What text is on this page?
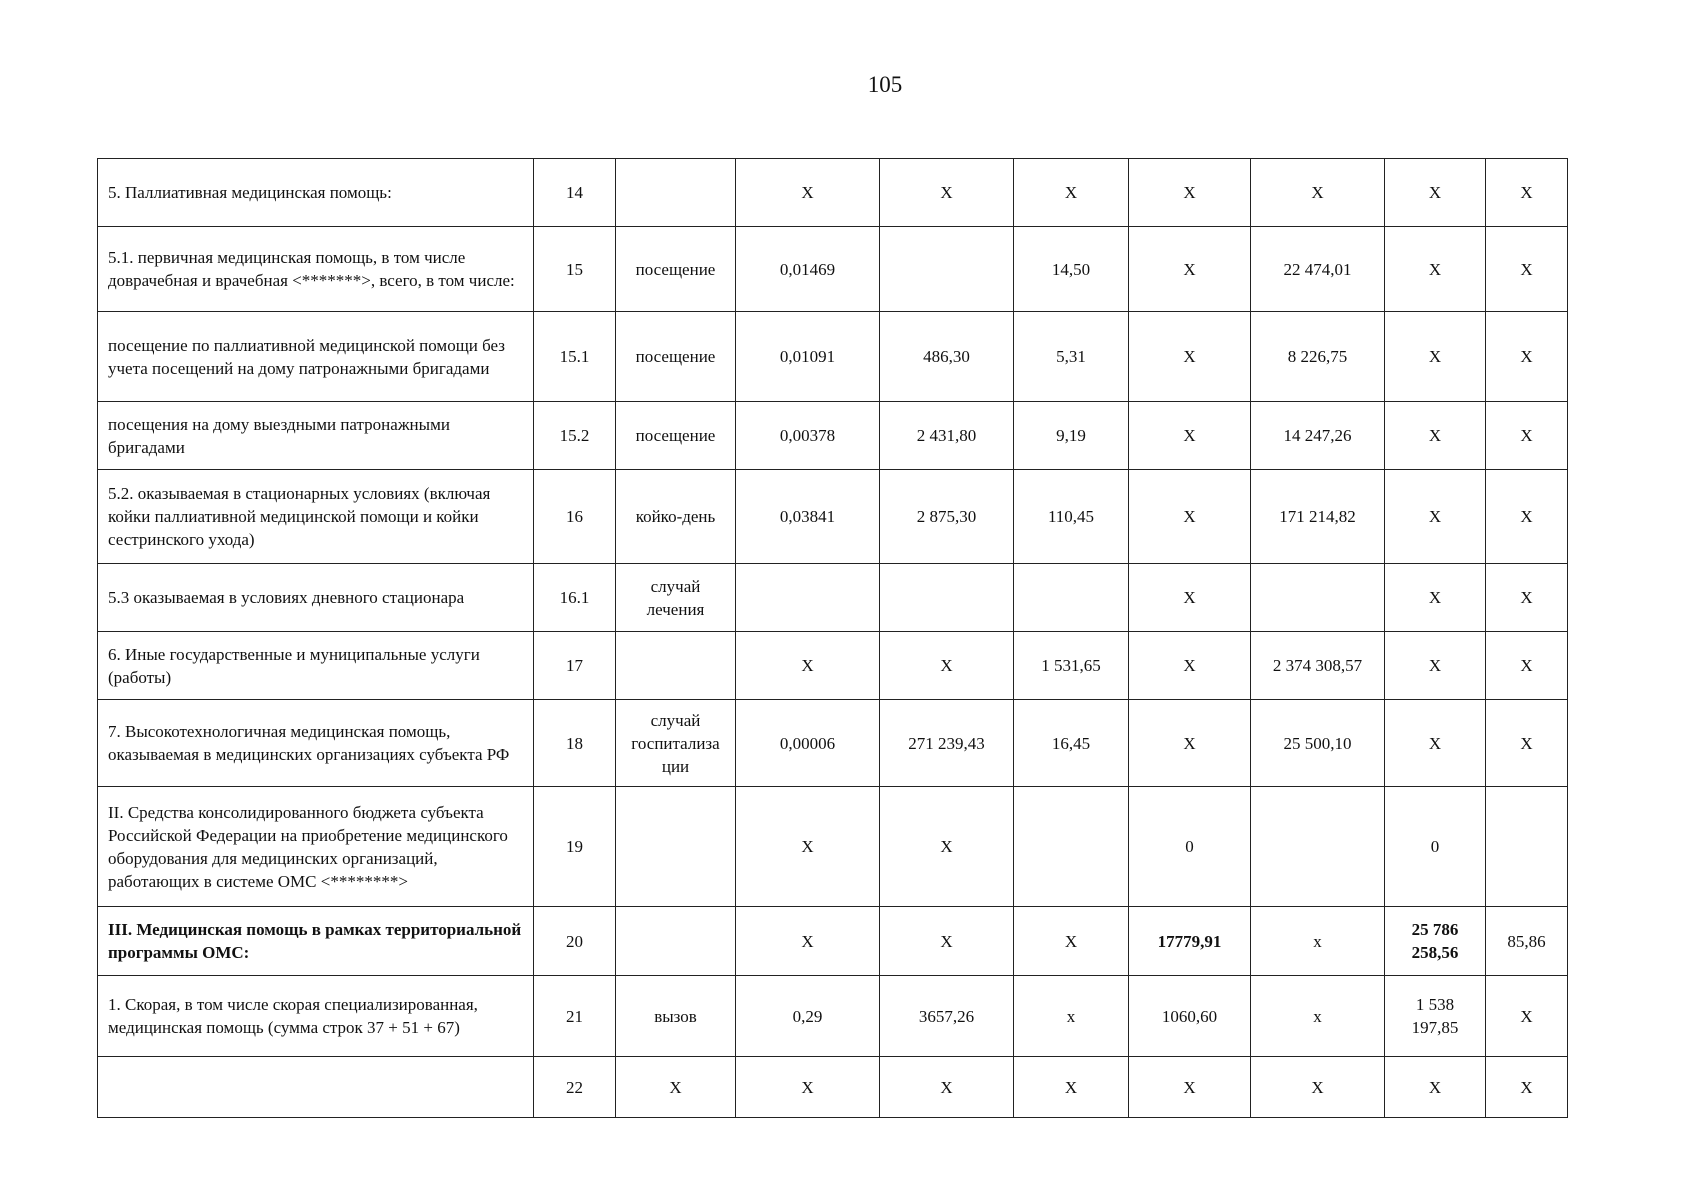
105
5. Паллиативная медицинская помощь:	14		Х	Х	Х	Х	Х	Х	Х
5.1. первичная медицинская помощь, в том числе доврачебная и врачебная <*******>, всего, в том числе:	15	посещение	0,01469		14,50	Х	22 474,01	Х	Х
посещение по паллиативной медицинской помощи без учета посещений на дому патронажными бригадами	15.1	посещение	0,01091	486,30	5,31	Х	8 226,75	Х	Х
посещения на дому выездными патронажными бригадами	15.2	посещение	0,00378	2 431,80	9,19	Х	14 247,26	Х	Х
5.2. оказываемая в стационарных условиях (включая койки паллиативной медицинской помощи и койки сестринского ухода)	16	койко-день	0,03841	2 875,30	110,45	Х	171 214,82	Х	Х
5.3 оказываемая в условиях дневного стационара	16.1	случай лечения				Х		Х	Х
6. Иные государственные и муниципальные услуги (работы)	17		Х	Х	1 531,65	Х	2 374 308,57	Х	Х
7. Высокотехнологичная медицинская помощь, оказываемая в медицинских организациях субъекта РФ	18	случай госпитализа ции	0,00006	271 239,43	16,45	Х	25 500,10	Х	Х
II. Средства консолидированного бюджета субъекта Российской Федерации на приобретение медицинского оборудования для медицинских организаций, работающих в системе ОМС <********>	19		Х	Х		0		0	
III. Медицинская помощь в рамках территориальной программы ОМС:	20		Х	Х	Х	17779,91	х	25 786 258,56	85,86
1. Скорая, в том числе скорая специализированная, медицинская помощь (сумма строк 37 + 51 + 67)	21	вызов	0,29	3657,26	х	1060,60	х	1 538 197,85	Х
	22	Х	Х	Х	Х	Х	Х	Х	Х
